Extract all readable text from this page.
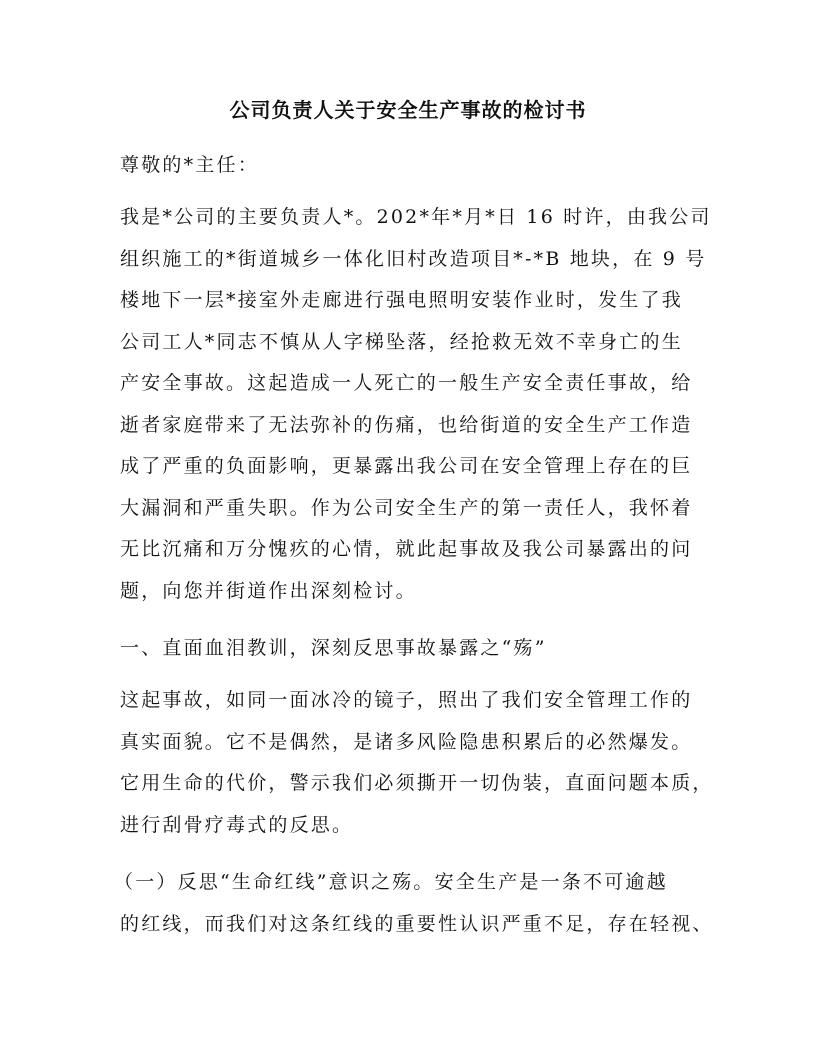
公司负责人关于安全生产事故的检讨书

尊敬的*主任：

我是*公司的主要负责人*。202*年*月*日 16 时许，由我公司
组织施工的*街道城乡一体化旧村改造项目*-*B 地块，在 9 号
楼地下一层*接室外走廊进行强电照明安装作业时，发生了我
公司工人*同志不慎从人字梯坠落，经抢救无效不幸身亡的生
产安全事故。这起造成一人死亡的一般生产安全责任事故，给
逝者家庭带来了无法弥补的伤痛，也给街道的安全生产工作造
成了严重的负面影响，更暴露出我公司在安全管理上存在的巨
大漏洞和严重失职。作为公司安全生产的第一责任人，我怀着
无比沉痛和万分愧疚的心情，就此起事故及我公司暴露出的问
题，向您并街道作出深刻检讨。

一、直面血泪教训，深刻反思事故暴露之“殇”

这起事故，如同一面冰冷的镜子，照出了我们安全管理工作的
真实面貌。它不是偶然，是诸多风险隐患积累后的必然爆发。
它用生命的代价，警示我们必须撕开一切伪装，直面问题本质，
进行刮骨疗毒式的反思。

（一）反思“生命红线”意识之殇。安全生产是一条不可逾越
的红线，而我们对这条红线的重要性认识严重不足，存在轻视、
